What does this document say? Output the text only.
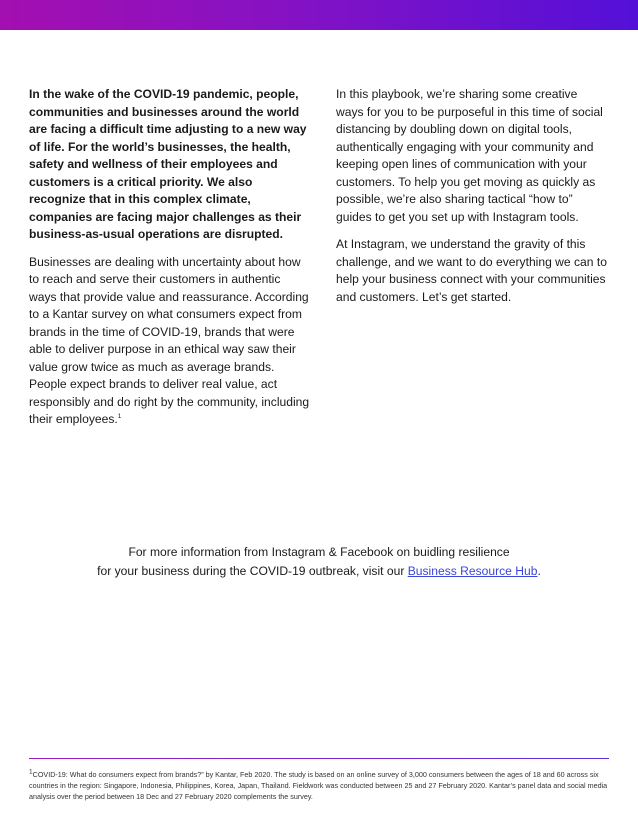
In the wake of the COVID-19 pandemic, people, communities and businesses around the world are facing a difficult time adjusting to a new way of life. For the world’s businesses, the health, safety and wellness of their employees and customers is a critical priority. We also recognize that in this complex climate, companies are facing major challenges as their business-as-usual operations are disrupted.

Businesses are dealing with uncertainty about how to reach and serve their customers in authentic ways that provide value and reassurance. According to a Kantar survey on what consumers expect from brands in the time of COVID-19, brands that were able to deliver purpose in an ethical way saw their value grow twice as much as average brands. People expect brands to deliver real value, act responsibly and do right by the community, including their employees.$^1$

In this playbook, we’re sharing some creative ways for you to be purposeful in this time of social distancing by doubling down on digital tools, authentically engaging with your community and keeping open lines of communication with your customers. To help you get moving as quickly as possible, we’re also sharing tactical “how to” guides to get you set up with Instagram tools.

At Instagram, we understand the gravity of this challenge, and we want to do everything we can to help your business connect with your communities and customers. Let’s get started.

For more information from Instagram & Facebook on buidling resilience
for your business during the COVID-19 outbreak, visit our Business Resource Hub.
$^1$COVID-19: What do consumers expect from brands?” by Kantar, Feb 2020. The study is based on an online survey of 3,000 consumers between the ages of 18 and 60 across six countries in the region: Singapore, Indonesia, Philippines, Korea, Japan, Thailand. Fieldwork was conducted between 25 and 27 February 2020. Kantar’s panel data and social media analysis over the period between 18 Dec and 27 February 2020 complements the survey.
